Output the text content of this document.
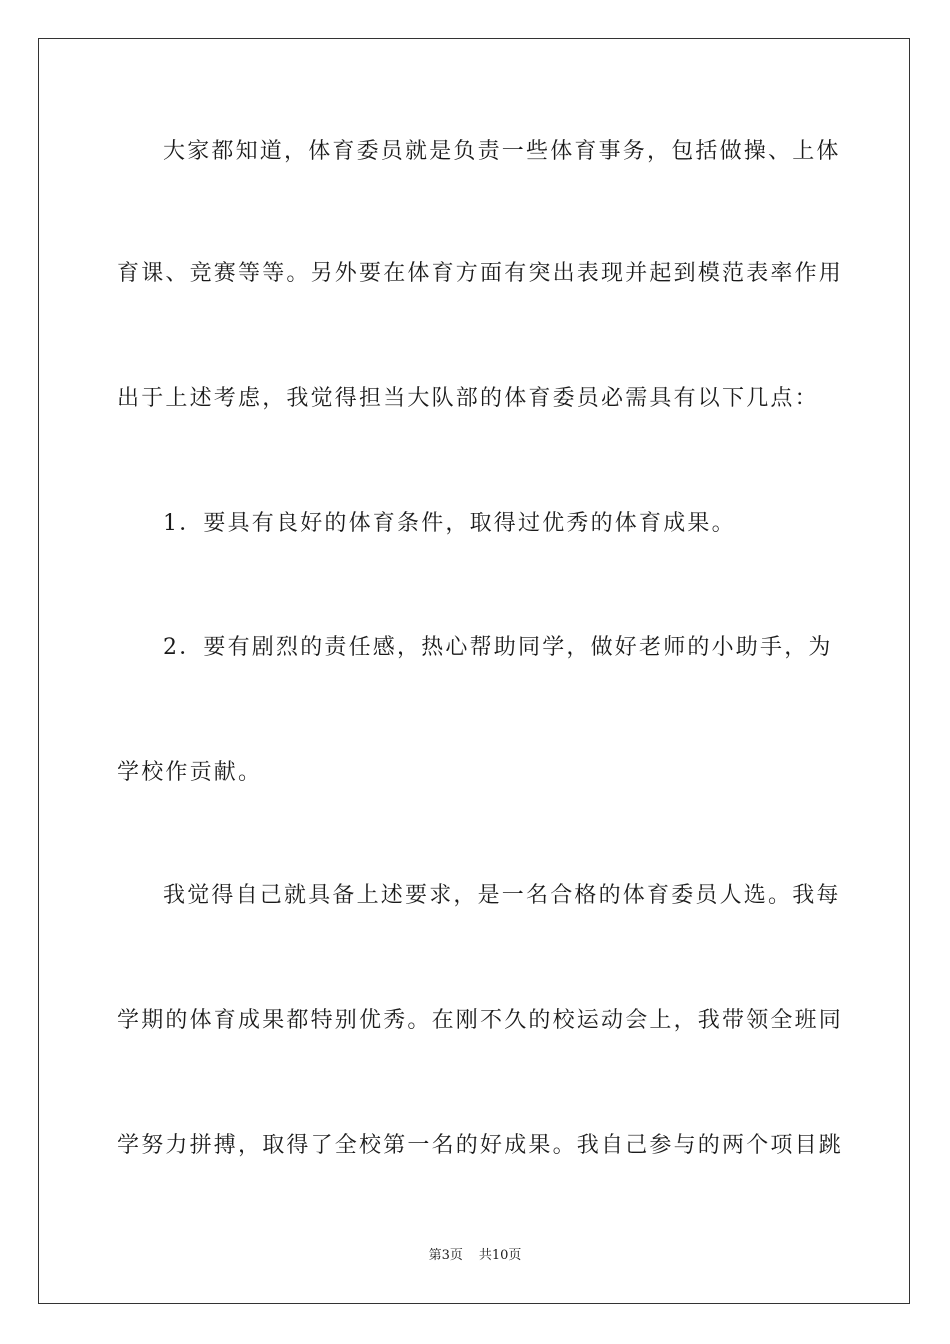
大家都知道，体育委员就是负责一些体育事务，包括做操、上体
育课、竞赛等等。另外要在体育方面有突出表现并起到模范表率作用
出于上述考虑，我觉得担当大队部的体育委员必需具有以下几点：
1．要具有良好的体育条件，取得过优秀的体育成果。
2．要有剧烈的责任感，热心帮助同学，做好老师的小助手，为
学校作贡献。
我觉得自己就具备上述要求，是一名合格的体育委员人选。我每
学期的体育成果都特别优秀。在刚不久的校运动会上，我带领全班同
学努力拼搏，取得了全校第一名的好成果。我自己参与的两个项目跳
第3页 共10页
